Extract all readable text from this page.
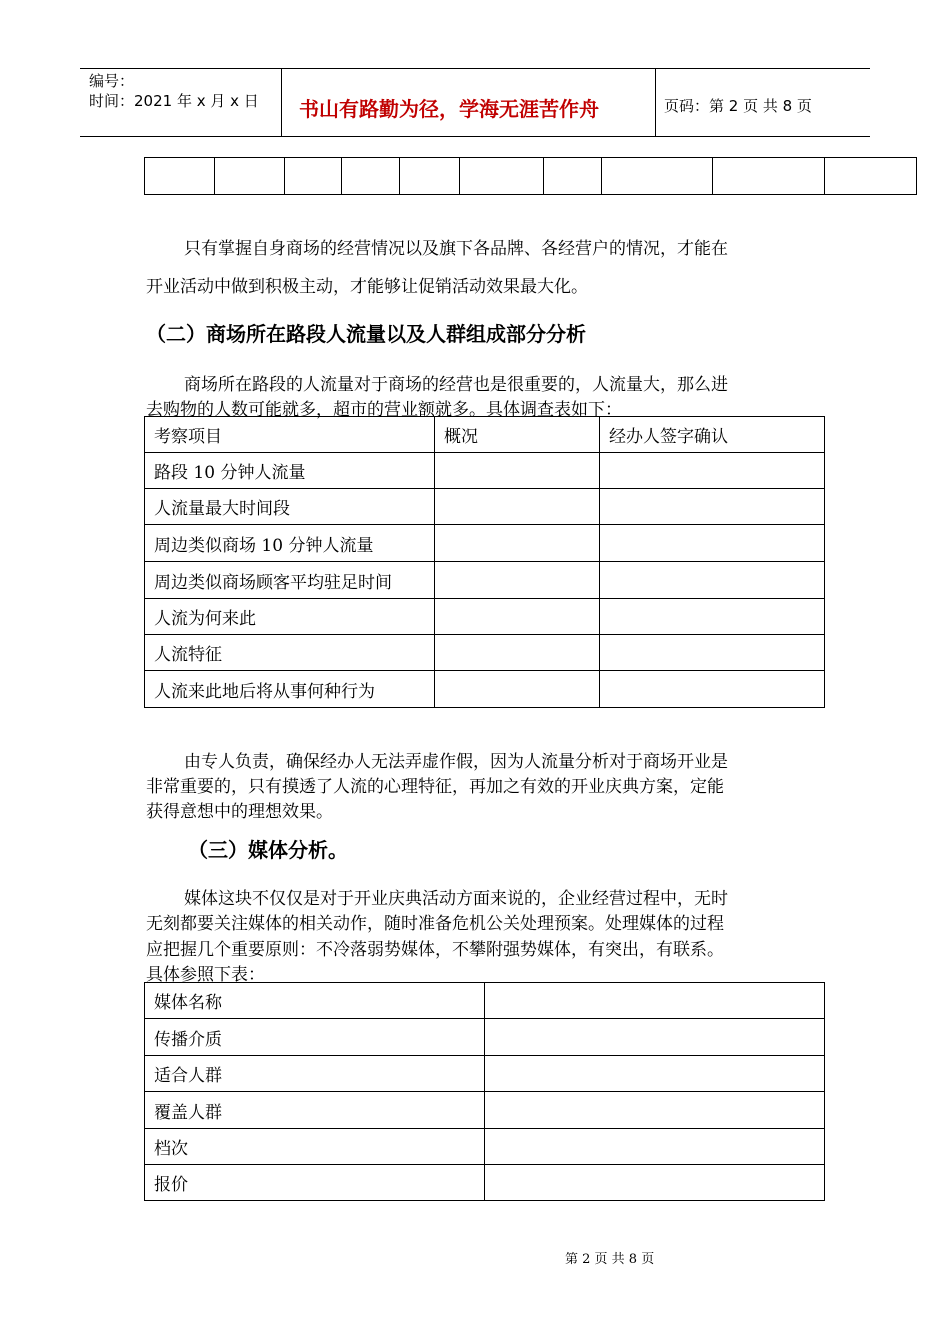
编号：
时间：2021 年 x 月 x 日 书山有路勤为径，学海无涯苦作舟	页码：第 2 页 共 8 页

只有掌握自身商场的经营情况以及旗下各品牌、各经营户的情况，才能在
开业活动中做到积极主动，才能够让促销活动效果最大化。
（二）商场所在路段人流量以及人群组成部分分析
商场所在路段的人流量对于商场的经营也是很重要的，人流量大，那么进
去购物的人数可能就多，超市的营业额就多。具体调查表如下：
考察项目	概况	经办人签字确认
路段 10 分钟人流量		
人流量最大时间段		
周边类似商场 10 分钟人流量		
周边类似商场顾客平均驻足时间		
人流为何来此		
人流特征		
人流来此地后将从事何种行为		
由专人负责，确保经办人无法弄虚作假，因为人流量分析对于商场开业是
非常重要的，只有摸透了人流的心理特征，再加之有效的开业庆典方案，定能
获得意想中的理想效果。
（三）媒体分析。
媒体这块不仅仅是对于开业庆典活动方面来说的，企业经营过程中，无时
无刻都要关注媒体的相关动作，随时准备危机公关处理预案。处理媒体的过程
应把握几个重要原则：不冷落弱势媒体，不攀附强势媒体，有突出，有联系。
具体参照下表：
媒体名称	
传播介质	
适合人群	
覆盖人群	
档次	
报价	
第 2 页 共 8 页
